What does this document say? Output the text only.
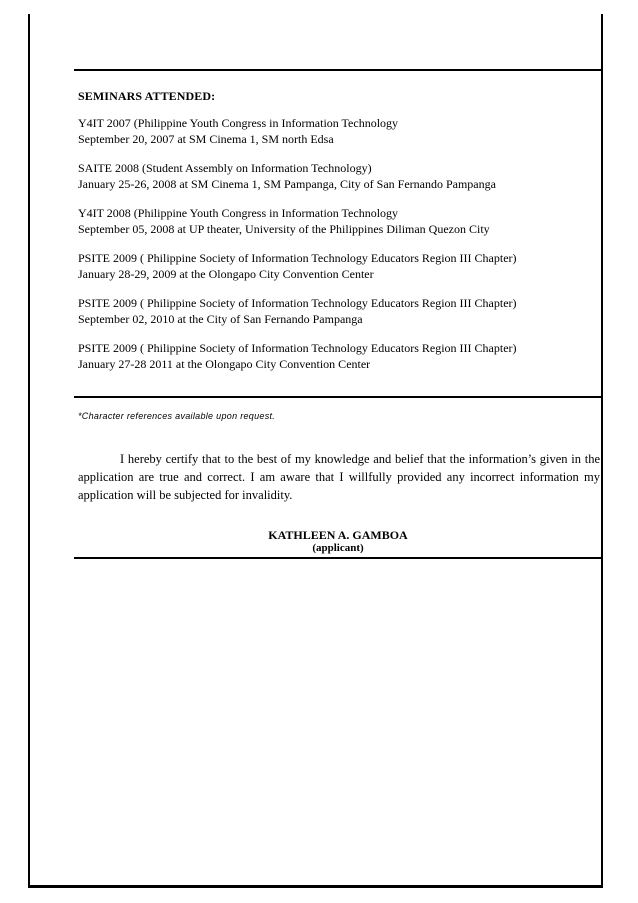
SEMINARS ATTENDED:
Y4IT 2007 (Philippine Youth Congress in Information Technology
September 20, 2007 at SM Cinema 1, SM north Edsa
SAITE 2008 (Student Assembly on Information Technology)
January 25-26, 2008 at SM Cinema 1, SM Pampanga, City of San Fernando Pampanga
Y4IT 2008 (Philippine Youth Congress in Information Technology
September 05, 2008 at UP theater, University of the Philippines Diliman Quezon City
PSITE 2009 ( Philippine Society of Information Technology Educators Region III Chapter)
January 28-29, 2009 at the Olongapo City Convention Center
PSITE 2009 ( Philippine Society of Information Technology Educators Region III Chapter)
September 02, 2010 at the City of San Fernando Pampanga
PSITE 2009 ( Philippine Society of Information Technology Educators Region III Chapter)
January 27-28 2011 at the Olongapo City Convention Center
*Character references available upon request.

I hereby certify that to the best of my knowledge and belief that the information’s given in the application are true and correct. I am aware that I willfully provided any incorrect information my application will be subjected for invalidity.

KATHLEEN A. GAMBOA
(applicant)
